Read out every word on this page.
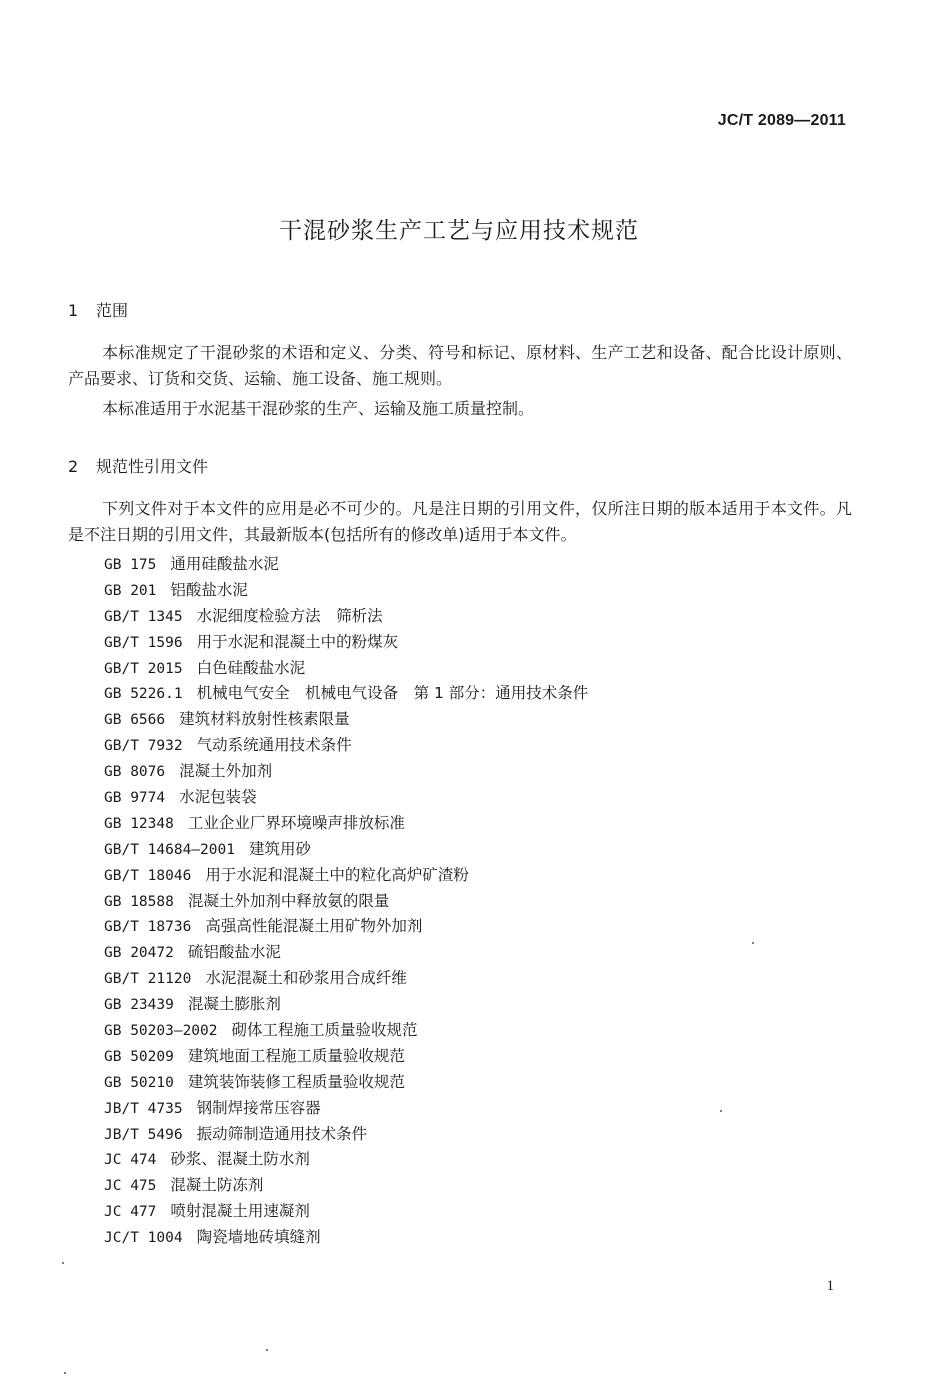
JC/T 2089—2011
干混砂浆生产工艺与应用技术规范
1 范围
本标准规定了干混砂浆的术语和定义、分类、符号和标记、原材料、生产工艺和设备、配合比设计原则、产品要求、订货和交货、运输、施工设备、施工规则。
本标准适用于水泥基干混砂浆的生产、运输及施工质量控制。
2 规范性引用文件
下列文件对于本文件的应用是必不可少的。凡是注日期的引用文件，仅所注日期的版本适用于本文件。凡是不注日期的引用文件，其最新版本(包括所有的修改单)适用于本文件。
GB 175 通用硅酸盐水泥
GB 201 铝酸盐水泥
GB/T 1345 水泥细度检验方法　筛析法
GB/T 1596 用于水泥和混凝土中的粉煤灰
GB/T 2015 白色硅酸盐水泥
GB 5226.1 机械电气安全　机械电气设备　第 1 部分：通用技术条件
GB 6566 建筑材料放射性核素限量
GB/T 7932 气动系统通用技术条件
GB 8076 混凝土外加剂
GB 9774 水泥包装袋
GB 12348 工业企业厂界环境噪声排放标准
GB/T 14684—2001 建筑用砂
GB/T 18046 用于水泥和混凝土中的粒化高炉矿渣粉
GB 18588 混凝土外加剂中释放氨的限量
GB/T 18736 高强高性能混凝土用矿物外加剂
GB 20472 硫铝酸盐水泥
GB/T 21120 水泥混凝土和砂浆用合成纤维
GB 23439 混凝土膨胀剂
GB 50203—2002 砌体工程施工质量验收规范
GB 50209 建筑地面工程施工质量验收规范
GB 50210 建筑装饰装修工程质量验收规范
JB/T 4735 钢制焊接常压容器
JB/T 5496 振动筛制造通用技术条件
JC 474 砂浆、混凝土防水剂
JC 475 混凝土防冻剂
JC 477 喷射混凝土用速凝剂
JC/T 1004 陶瓷墙地砖填缝剂
1
